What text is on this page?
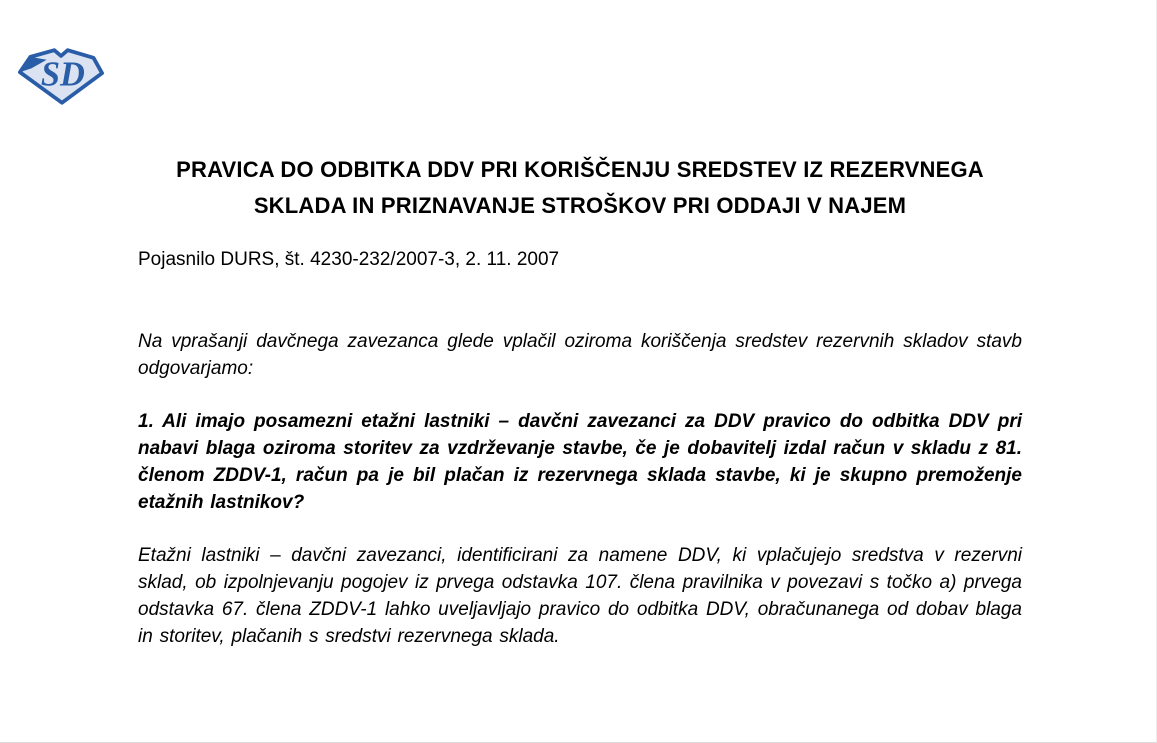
SD
PRAVICA DO ODBITKA DDV PRI KORIŠČENJU SREDSTEV IZ REZERVNEGA SKLADA IN PRIZNAVANJE STROŠKOV PRI ODDAJI V NAJEM

Pojasnilo DURS, št. 4230-232/2007-3, 2. 11. 2007

Na vprašanji davčnega zavezanca glede vplačil oziroma koriščenja sredstev rezervnih skladov stavb odgovarjamo:

1. Ali imajo posamezni etažni lastniki – davčni zavezanci za DDV pravico do odbitka DDV pri nabavi blaga oziroma storitev za vzdrževanje stavbe, če je dobavitelj izdal račun v skladu z 81. členom ZDDV-1, račun pa je bil plačan iz rezervnega sklada stavbe, ki je skupno premoženje etažnih lastnikov?

Etažni lastniki – davčni zavezanci, identificirani za namene DDV, ki vplačujejo sredstva v rezervni sklad, ob izpolnjevanju pogojev iz prvega odstavka 107. člena pravilnika v povezavi s točko a) prvega odstavka 67. člena ZDDV-1 lahko uveljavljajo pravico do odbitka DDV, obračunanega od dobav blaga in storitev, plačanih s sredstvi rezervnega sklada.
